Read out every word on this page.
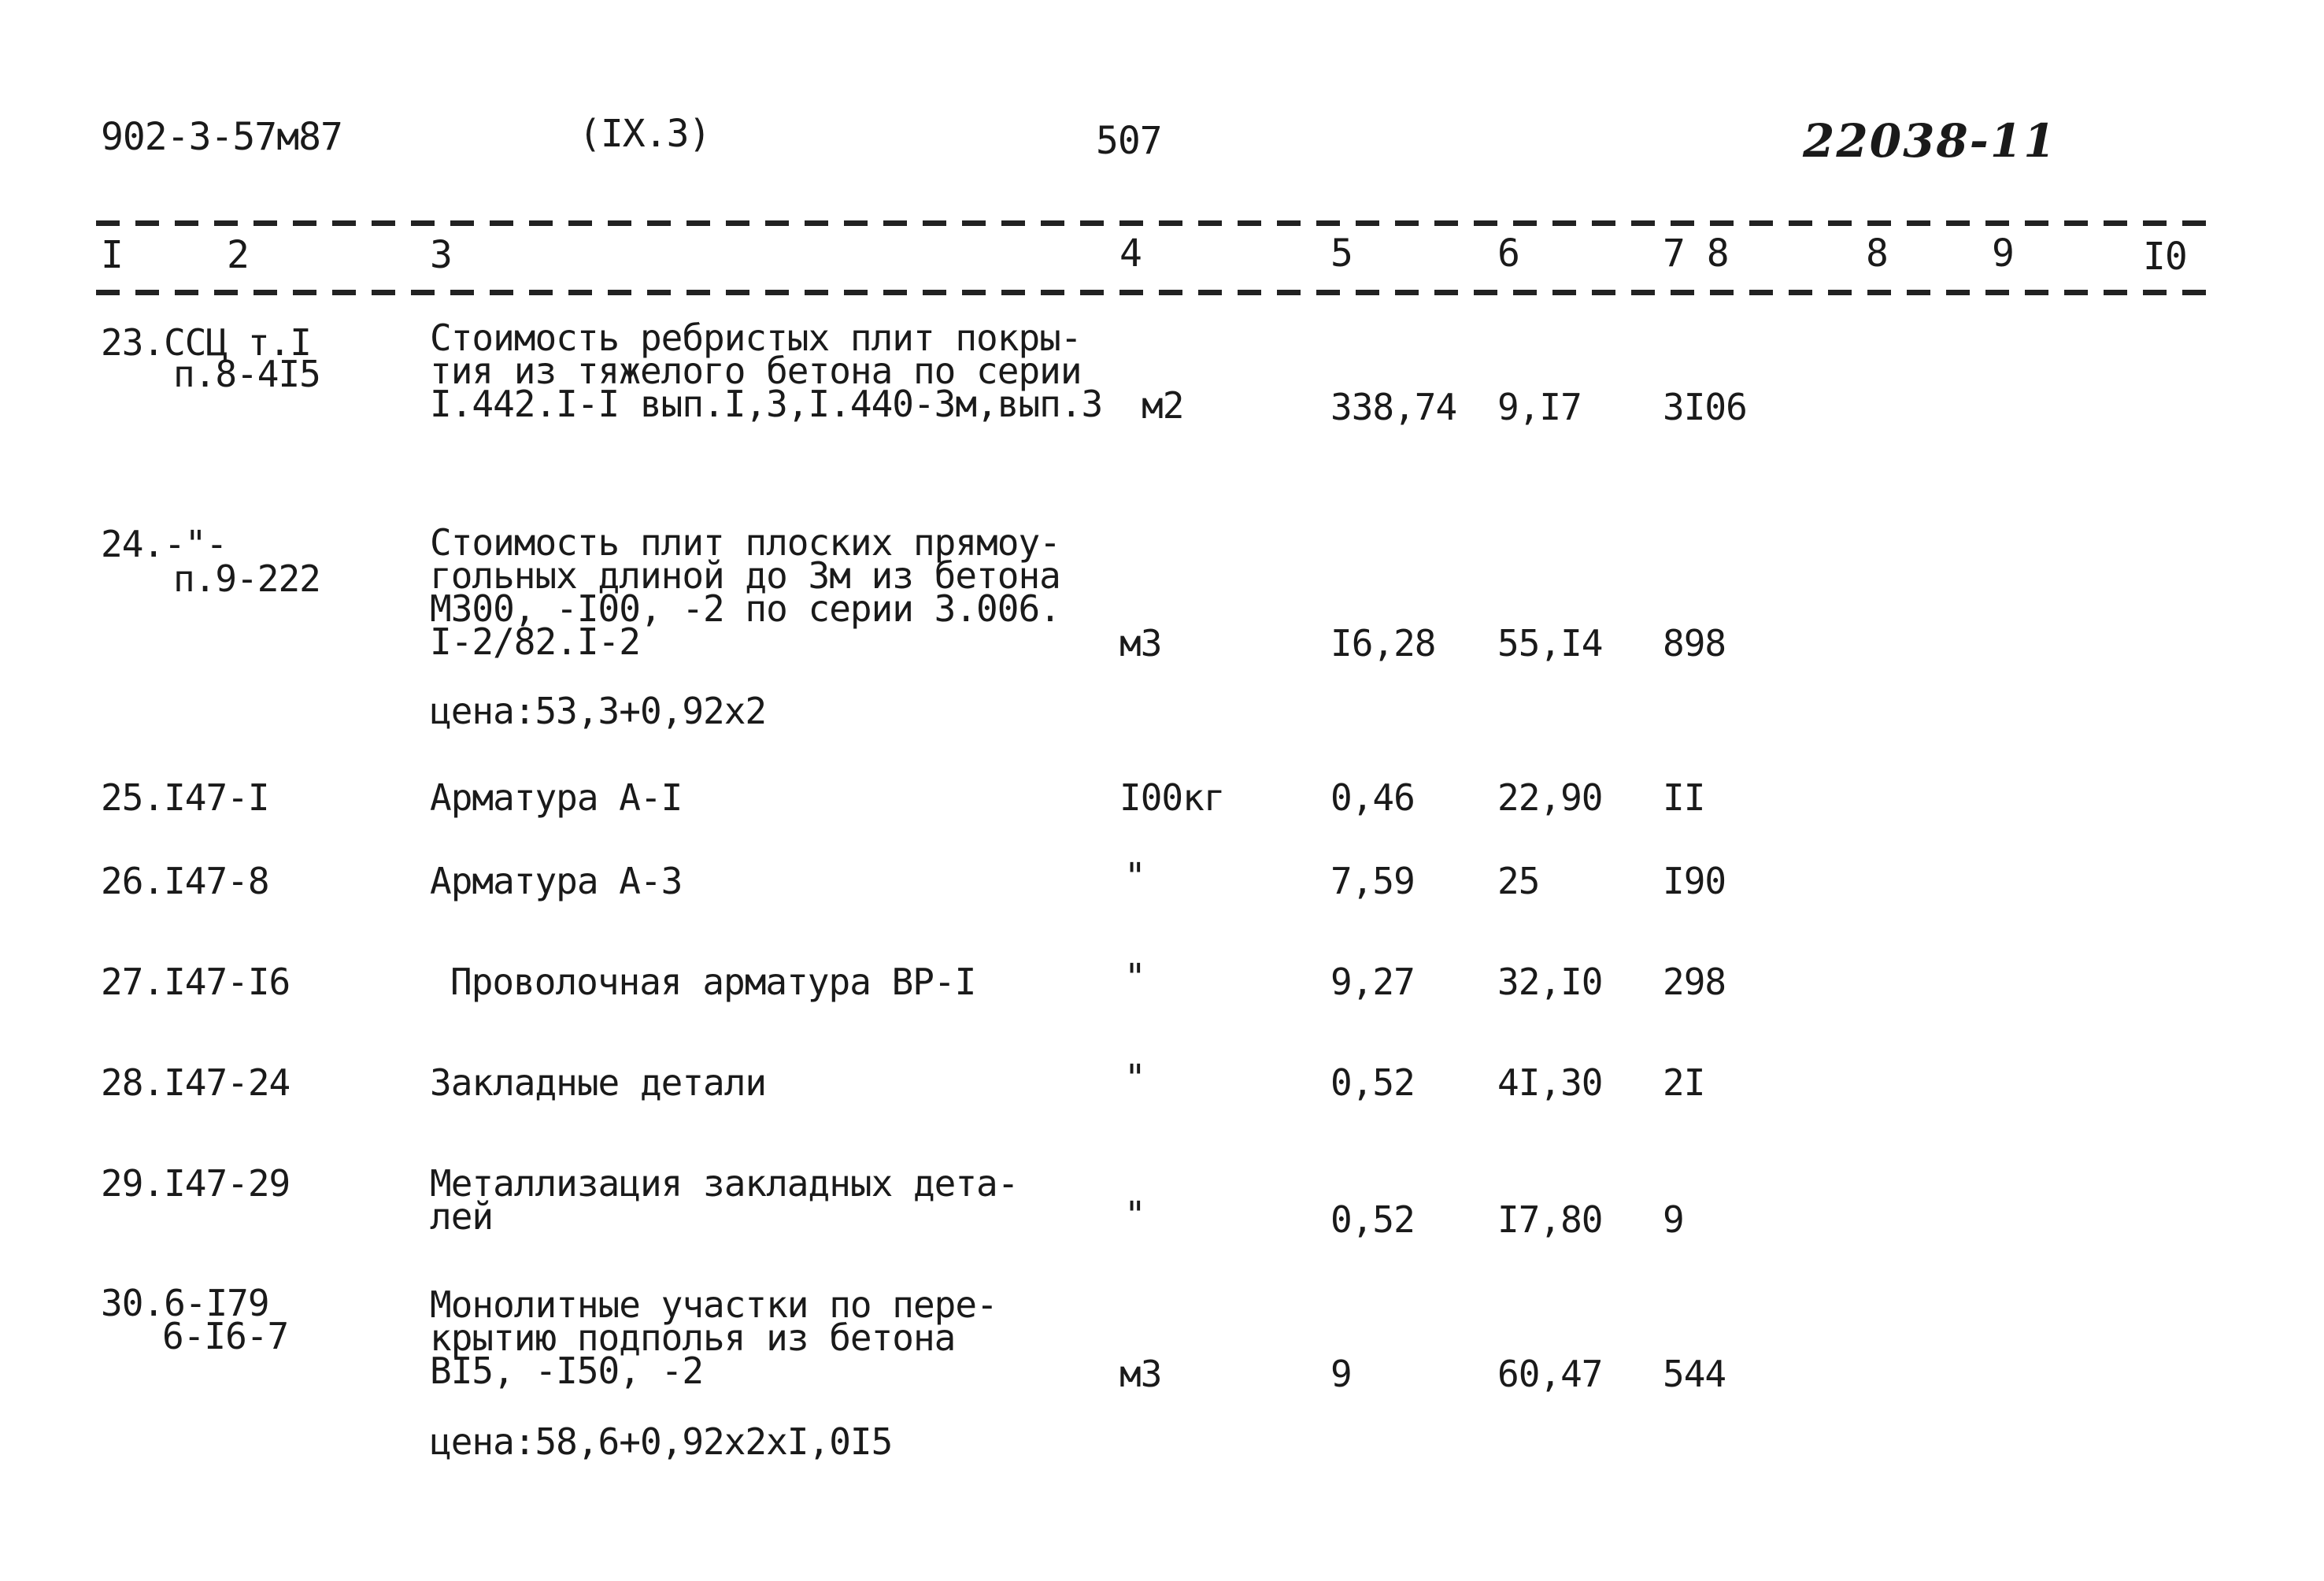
902-3-57м87	(IX.3)	507	22038-11
I	2	3	4	5	6	7 8	8	9	I0
23.ССЦ т.I
п.8-4I5
Стоимость ребристых плит покры-
тия из тяжелого бетона по серии
I.442.I-I вып.I,3,I.440-3м,вып.3 м2	338,74 9,I7 3I06
24.-"-
п.9-222
Стоимость плит плоских прямоу-
гольных длиной до 3м из бетона
М300, -I00, -2 по серии 3.006.
I-2/82.I-2	м3	I6,28 55,I4 898
цена:53,3+0,92х2
25.I47-I	Арматура А-I	I00кг	0,46 22,90 II
26.I47-8	Арматура А-3	"	7,59 25	I90
27.I47-I6	Проволочная арматура ВР-I	"	9,27 32,I0 298
28.I47-24	Закладные детали	"	0,52 4I,30 2I
29.I47-29	Металлизация закладных дета-
лей	"	0,52 I7,80 9
30.6-I79
6-I6-7
Монолитные участки по пере-
крытию подполья из бетона
ВI5, -I50, -2	м3	9	60,47 544
цена:58,6+0,92х2хI,0I5
